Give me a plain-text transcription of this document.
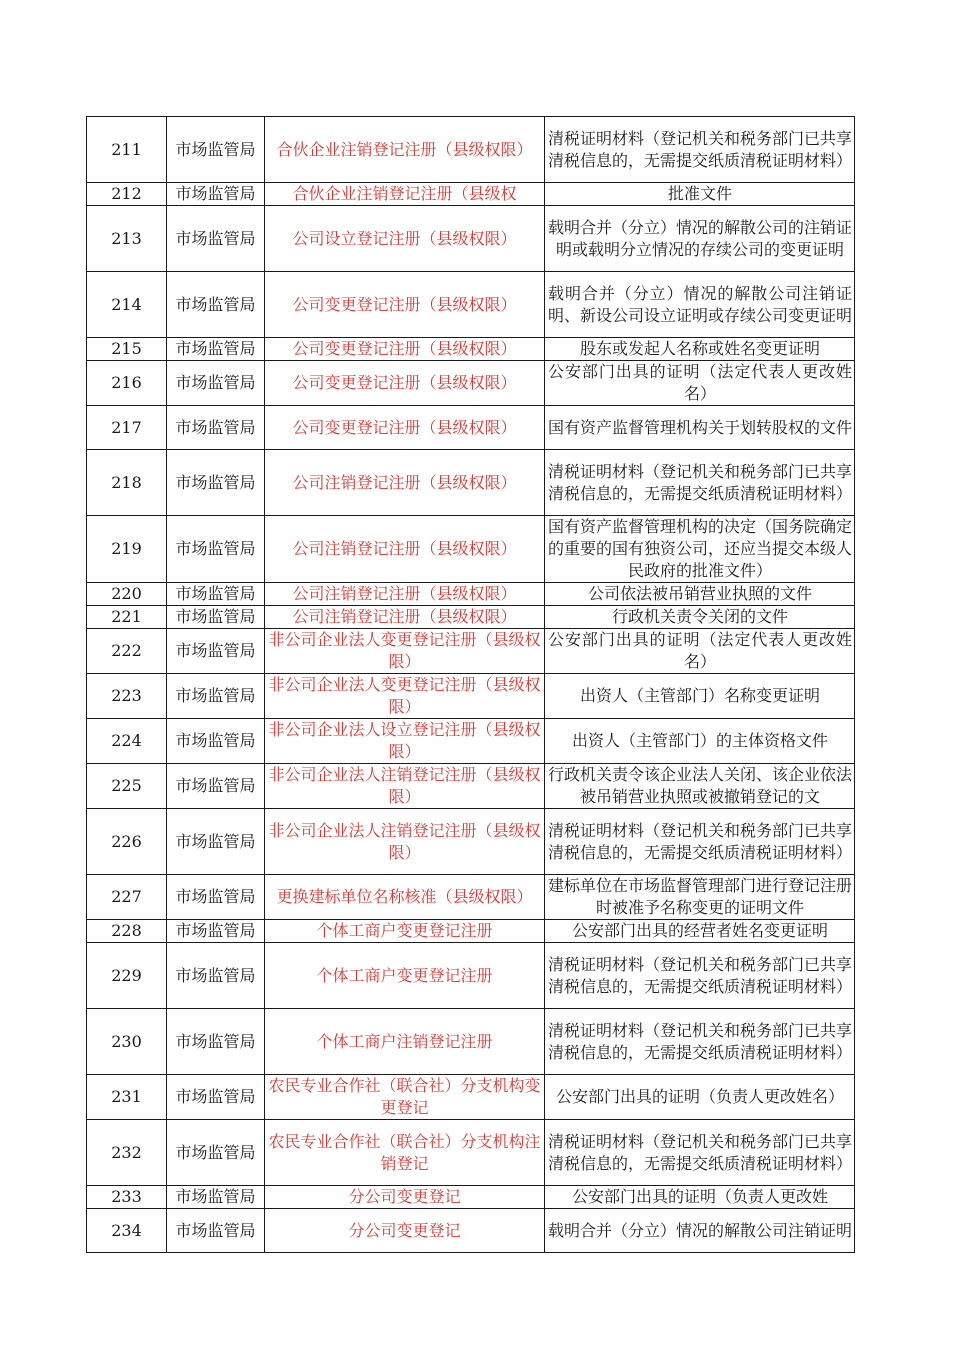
211	市场监管局	合伙企业注销登记注册（县级权限）	清税证明材料（登记机关和税务部门已共享清税信息的，无需提交纸质清税证明材料）
212	市场监管局	合伙企业注销登记注册（县级权	批准文件
213	市场监管局	公司设立登记注册（县级权限）	载明合并（分立）情况的解散公司的注销证明或载明分立情况的存续公司的变更证明
214	市场监管局	公司变更登记注册（县级权限）	载明合并（分立）情况的解散公司注销证明、新设公司设立证明或存续公司变更证明
215	市场监管局	公司变更登记注册（县级权限）	股东或发起人名称或姓名变更证明
216	市场监管局	公司变更登记注册（县级权限）	公安部门出具的证明（法定代表人更改姓名）
217	市场监管局	公司变更登记注册（县级权限）	国有资产监督管理机构关于划转股权的文件
218	市场监管局	公司注销登记注册（县级权限）	清税证明材料（登记机关和税务部门已共享清税信息的，无需提交纸质清税证明材料）
219	市场监管局	公司注销登记注册（县级权限）	国有资产监督管理机构的决定（国务院确定的重要的国有独资公司，还应当提交本级人民政府的批准文件）
220	市场监管局	公司注销登记注册（县级权限）	公司依法被吊销营业执照的文件
221	市场监管局	公司注销登记注册（县级权限）	行政机关责令关闭的文件
222	市场监管局	非公司企业法人变更登记注册（县级权限）	公安部门出具的证明（法定代表人更改姓名）
223	市场监管局	非公司企业法人变更登记注册（县级权限）	出资人（主管部门）名称变更证明
224	市场监管局	非公司企业法人设立登记注册（县级权限）	出资人（主管部门）的主体资格文件
225	市场监管局	非公司企业法人注销登记注册（县级权限）	行政机关责令该企业法人关闭、该企业依法被吊销营业执照或被撤销登记的文
226	市场监管局	非公司企业法人注销登记注册（县级权限）	清税证明材料（登记机关和税务部门已共享清税信息的，无需提交纸质清税证明材料）
227	市场监管局	更换建标单位名称核准（县级权限）	建标单位在市场监督管理部门进行登记注册时被准予名称变更的证明文件
228	市场监管局	个体工商户变更登记注册	公安部门出具的经营者姓名变更证明
229	市场监管局	个体工商户变更登记注册	清税证明材料（登记机关和税务部门已共享清税信息的，无需提交纸质清税证明材料）
230	市场监管局	个体工商户注销登记注册	清税证明材料（登记机关和税务部门已共享清税信息的，无需提交纸质清税证明材料）
231	市场监管局	农民专业合作社（联合社）分支机构变更登记	公安部门出具的证明（负责人更改姓名）
232	市场监管局	农民专业合作社（联合社）分支机构注销登记	清税证明材料（登记机关和税务部门已共享清税信息的，无需提交纸质清税证明材料）
233	市场监管局	分公司变更登记	公安部门出具的证明（负责人更改姓
234	市场监管局	分公司变更登记	载明合并（分立）情况的解散公司注销证明
